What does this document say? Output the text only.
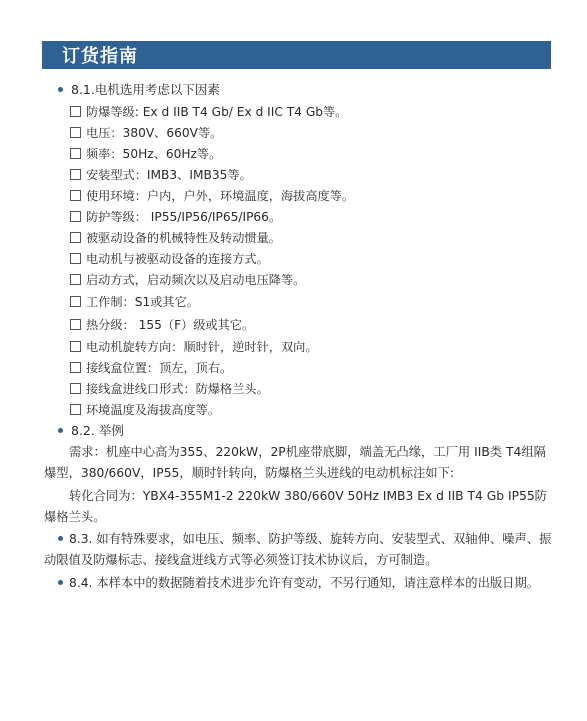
订货指南
8.1.电机选用考虑以下因素
防爆等级: Ex d IIB T4 Gb/ Ex d IIC T4 Gb等。
电压：380V、660V等。
频率：50Hz、60Hz等。
安装型式：IMB3、IMB35等。
使用环境：户内，户外，环境温度，海拔高度等。
防护等级： IP55/IP56/IP65/IP66。
被驱动设备的机械特性及转动惯量。
电动机与被驱动设备的连接方式。
启动方式，启动频次以及启动电压降等。
工作制：S1或其它。
热分级： 155（F）级或其它。
电动机旋转方向：顺时针，逆时针，双向。
接线盒位置：顶左，顶右。
接线盒进线口形式：防爆格兰头。
环境温度及海拔高度等。
8.2. 举例
需求：机座中心高为355、220kW，2P机座带底脚，端盖无凸缘，工厂用 IIB类 T4组隔爆型，380/660V，IP55，顺时针转向，防爆格兰头进线的电动机标注如下:
转化合同为：YBX4-355M1-2 220kW 380/660V 50Hz IMB3 Ex d IIB T4 Gb IP55防爆格兰头。
8.3. 如有特殊要求，如电压、频率、防护等级、旋转方向、安装型式、双轴伸、噪声、振动限值及防爆标志、接线盒进线方式等必须签订技术协议后，方可制造。
8.4. 本样本中的数据随着技术进步允许有变动，不另行通知，请注意样本的出版日期。
